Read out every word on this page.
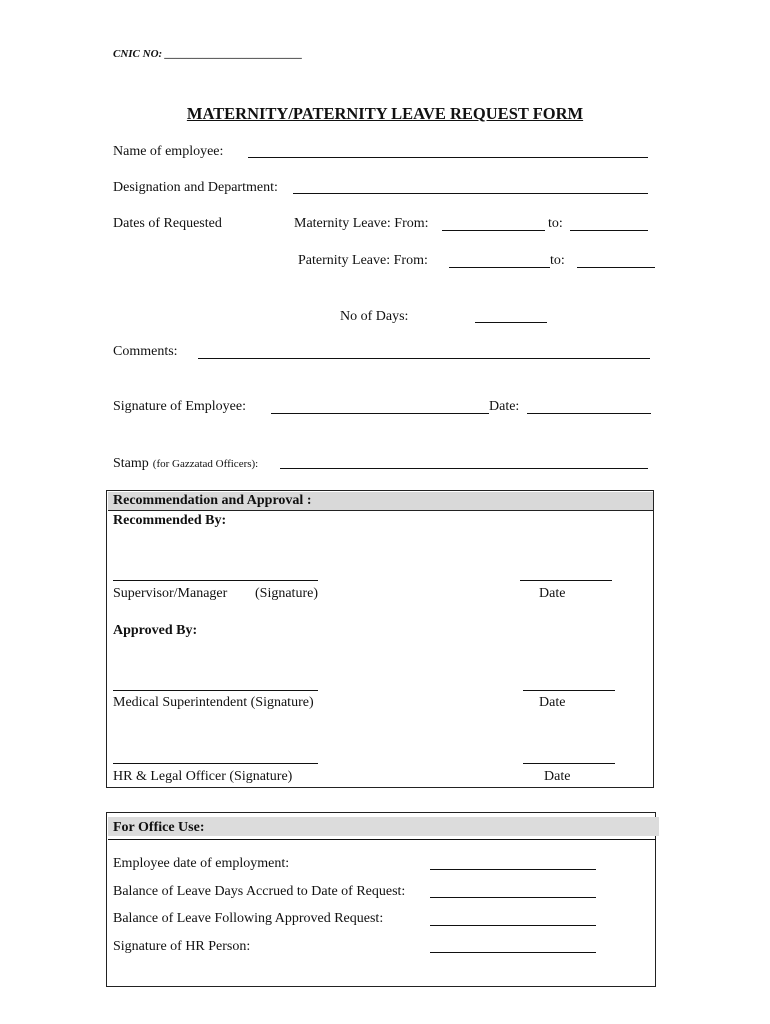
CNIC NO: _________________________
MATERNITY/PATERNITY LEAVE REQUEST FORM
Name of employee:
Designation and Department:
Dates of Requested	Maternity Leave: From:	to:
Paternity Leave: From:	to:
No of Days:
Comments:
Signature of Employee:	Date:
Stamp (for Gazzatad Officers):
Recommendation and Approval :
Recommended By:
Supervisor/Manager (Signature)	Date
Approved By:
Medical Superintendent (Signature)	Date
HR & Legal Officer (Signature)	Date
For Office Use:
Employee date of employment:
Balance of Leave Days Accrued to Date of Request:
Balance of Leave Following Approved Request:
Signature of HR Person:
